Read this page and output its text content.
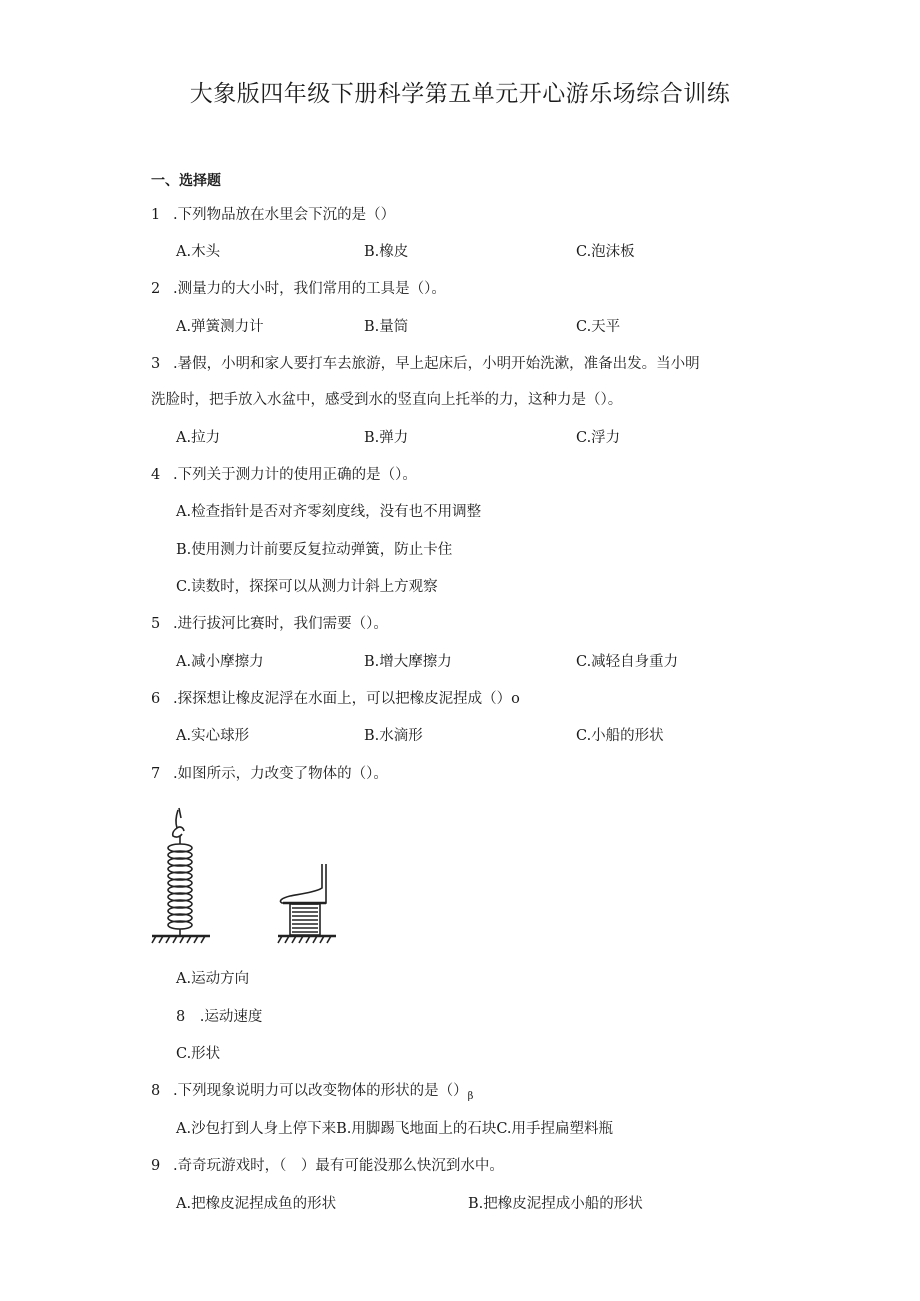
大象版四年级下册科学第五单元开心游乐场综合训练
一、选择题
1 .下列物品放在水里会下沉的是（）
A.木头	B.橡皮	C.泡沫板
2 .测量力的大小时，我们常用的工具是（）。
A.弹簧测力计	B.量筒	C.天平
3 .暑假，小明和家人要打车去旅游，早上起床后，小明开始洗漱，准备出发。当小明
洗脸时，把手放入水盆中，感受到水的竖直向上托举的力，这种力是（）。
A.拉力	B.弹力	C.浮力
4 .下列关于测力计的使用正确的是（）。
A.检查指针是否对齐零刻度线，没有也不用调整
B.使用测力计前要反复拉动弹簧，防止卡住
C.读数时，探探可以从测力计斜上方观察
5 .进行拔河比赛时，我们需要（）。
A.减小摩擦力	B.增大摩擦力	C.减轻自身重力
6 .探探想让橡皮泥浮在水面上，可以把橡皮泥捏成（）o
A.实心球形	B.水滴形	C.小船的形状
7 .如图所示，力改变了物体的（）。
A.运动方向
8　.运动速度
C.形状
8 .下列现象说明力可以改变物体的形状的是$()_\beta$
A.沙包打到人身上停下来B.用脚踢飞地面上的石块C.用手捏扁塑料瓶
9 .奇奇玩游戏时，（　）最有可能没那么快沉到水中。
A.把橡皮泥捏成鱼的形状	B.把橡皮泥捏成小船的形状
